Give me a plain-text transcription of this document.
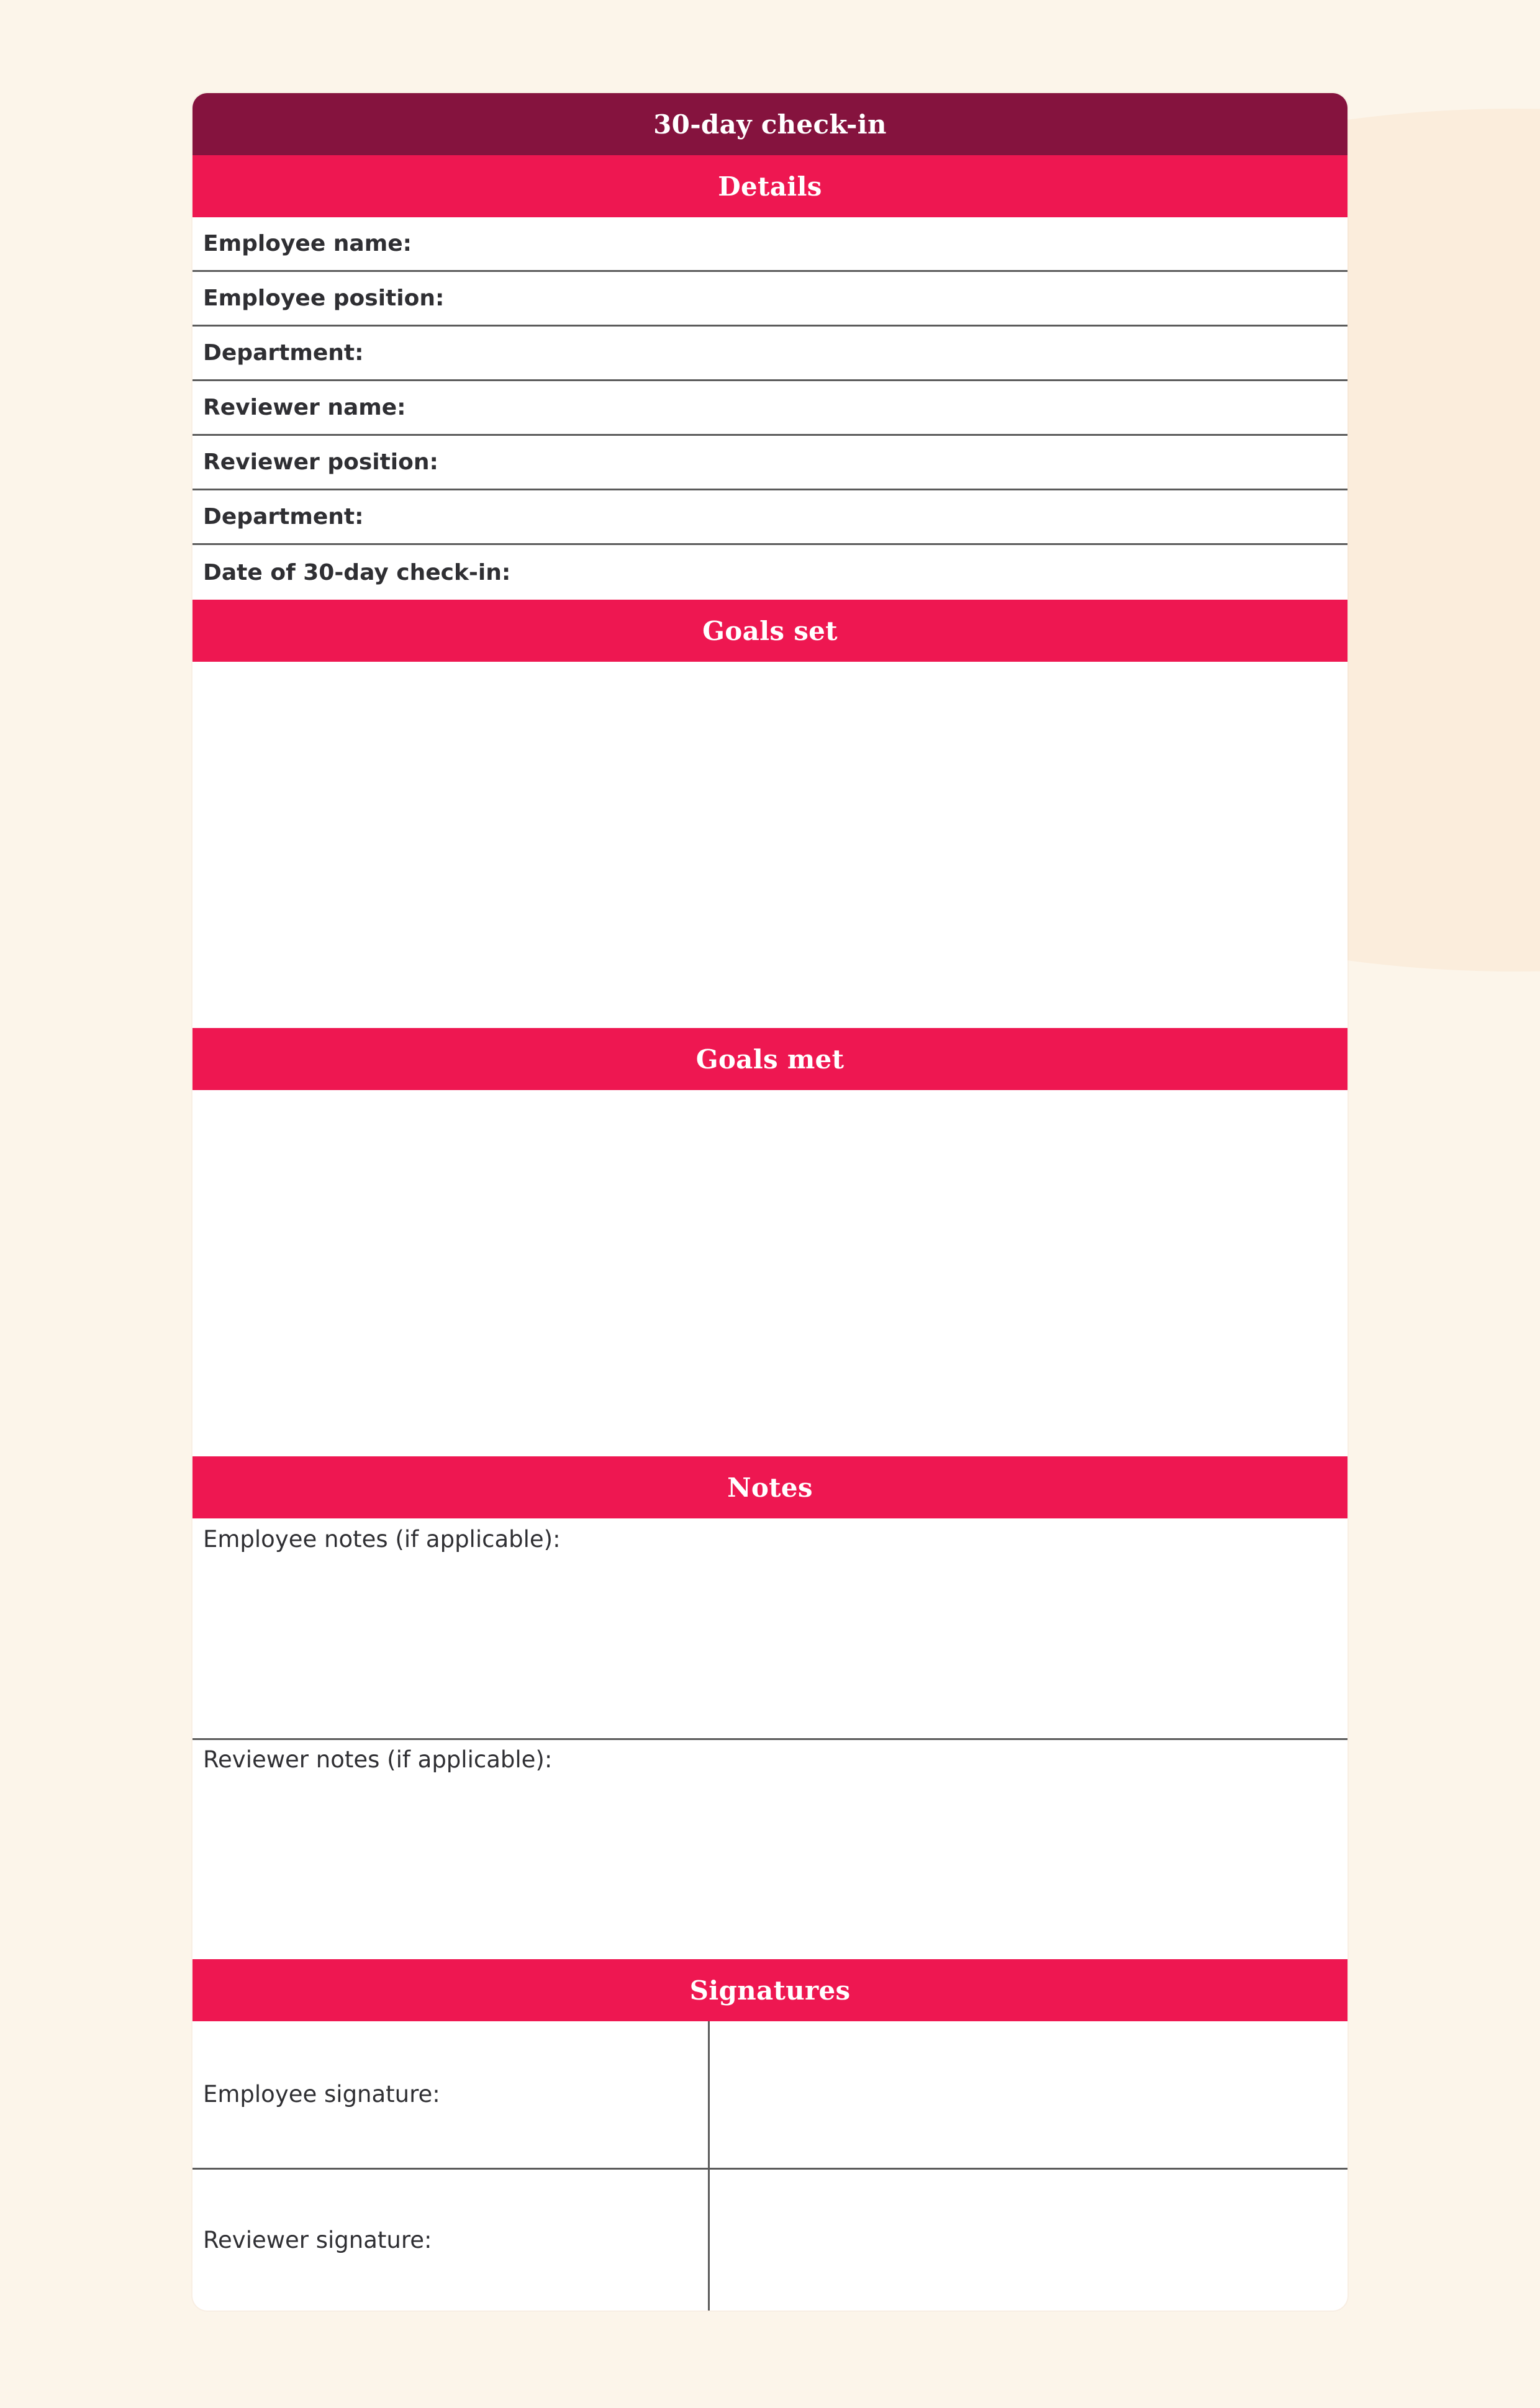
30-day check-in
Details
Employee name:
Employee position:
Department:
Reviewer name:
Reviewer position:
Department:
Date of 30-day check-in:
Goals set
Goals met
Notes
Employee notes (if applicable):
Reviewer notes (if applicable):
Signatures
Employee signature:
Reviewer signature:
